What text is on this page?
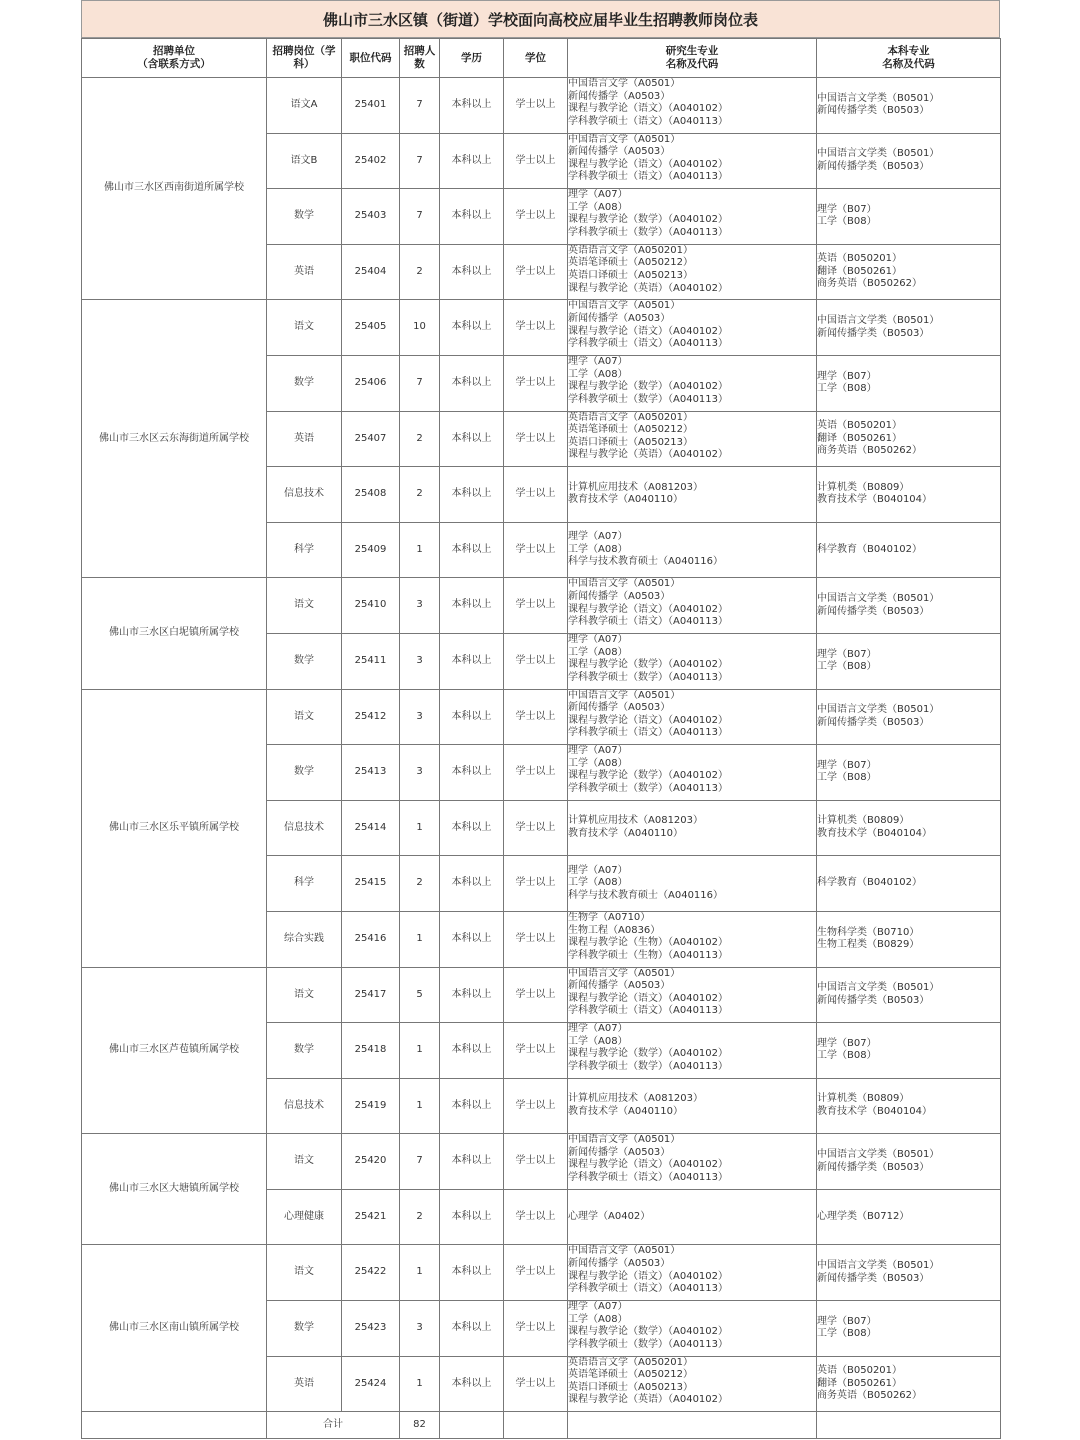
佛山市三水区镇（街道）学校面向高校应届毕业生招聘教师岗位表
招聘单位
（含联系方式）	招聘岗位（学
科）	职位代码	招聘人
数	学历	学位	研究生专业
名称及代码	本科专业
名称及代码

佛山市三水区西南街道所属学校	语文A	25401	7	本科以上	学士以上	中国语言文学（A0501）
新闻传播学（A0503）
课程与教学论（语文）（A040102）
学科教学硕士（语文）（A040113）	中国语言文学类（B0501）
新闻传播学类（B0503）

	语文B	25402	7	本科以上	学士以上	中国语言文学（A0501）
新闻传播学（A0503）
课程与教学论（语文）（A040102）
学科教学硕士（语文）（A040113）	中国语言文学类（B0501）
新闻传播学类（B0503）

	数学	25403	7	本科以上	学士以上	理学（A07）
工学（A08）
课程与教学论（数学）（A040102）
学科教学硕士（数学）（A040113）	理学（B07）
工学（B08）

	英语	25404	2	本科以上	学士以上	英语语言文学（A050201）
英语笔译硕士（A050212）
英语口译硕士（A050213）
课程与教学论（英语）（A040102）	英语（B050201）
翻译（B050261）
商务英语（B050262）

佛山市三水区云东海街道所属学校	语文	25405	10	本科以上	学士以上	中国语言文学（A0501）
新闻传播学（A0503）
课程与教学论（语文）（A040102）
学科教学硕士（语文）（A040113）	中国语言文学类（B0501）
新闻传播学类（B0503）

	数学	25406	7	本科以上	学士以上	理学（A07）
工学（A08）
课程与教学论（数学）（A040102）
学科教学硕士（数学）（A040113）	理学（B07）
工学（B08）

	英语	25407	2	本科以上	学士以上	英语语言文学（A050201）
英语笔译硕士（A050212）
英语口译硕士（A050213）
课程与教学论（英语）（A040102）	英语（B050201）
翻译（B050261）
商务英语（B050262）

	信息技术	25408	2	本科以上	学士以上	计算机应用技术（A081203）
教育技术学（A040110）	计算机类（B0809）
教育技术学（B040104）

	科学	25409	1	本科以上	学士以上	理学（A07）
工学（A08）
科学与技术教育硕士（A040116）	科学教育（B040102）

佛山市三水区白坭镇所属学校	语文	25410	3	本科以上	学士以上	中国语言文学（A0501）
新闻传播学（A0503）
课程与教学论（语文）（A040102）
学科教学硕士（语文）（A040113）	中国语言文学类（B0501）
新闻传播学类（B0503）

	数学	25411	3	本科以上	学士以上	理学（A07）
工学（A08）
课程与教学论（数学）（A040102）
学科教学硕士（数学）（A040113）	理学（B07）
工学（B08）

佛山市三水区乐平镇所属学校	语文	25412	3	本科以上	学士以上	中国语言文学（A0501）
新闻传播学（A0503）
课程与教学论（语文）（A040102）
学科教学硕士（语文）（A040113）	中国语言文学类（B0501）
新闻传播学类（B0503）

	数学	25413	3	本科以上	学士以上	理学（A07）
工学（A08）
课程与教学论（数学）（A040102）
学科教学硕士（数学）（A040113）	理学（B07）
工学（B08）

	信息技术	25414	1	本科以上	学士以上	计算机应用技术（A081203）
教育技术学（A040110）	计算机类（B0809）
教育技术学（B040104）

	科学	25415	2	本科以上	学士以上	理学（A07）
工学（A08）
科学与技术教育硕士（A040116）	科学教育（B040102）

	综合实践	25416	1	本科以上	学士以上	生物学（A0710）
生物工程（A0836）
课程与教学论（生物）（A040102）
学科教学硕士（生物）（A040113）	生物科学类（B0710）
生物工程类（B0829）

佛山市三水区芦苞镇所属学校	语文	25417	5	本科以上	学士以上	中国语言文学（A0501）
新闻传播学（A0503）
课程与教学论（语文）（A040102）
学科教学硕士（语文）（A040113）	中国语言文学类（B0501）
新闻传播学类（B0503）

	数学	25418	1	本科以上	学士以上	理学（A07）
工学（A08）
课程与教学论（数学）（A040102）
学科教学硕士（数学）（A040113）	理学（B07）
工学（B08）

	信息技术	25419	1	本科以上	学士以上	计算机应用技术（A081203）
教育技术学（A040110）	计算机类（B0809）
教育技术学（B040104）

佛山市三水区大塘镇所属学校	语文	25420	7	本科以上	学士以上	中国语言文学（A0501）
新闻传播学（A0503）
课程与教学论（语文）（A040102）
学科教学硕士（语文）（A040113）	中国语言文学类（B0501）
新闻传播学类（B0503）

	心理健康	25421	2	本科以上	学士以上	心理学（A0402）	心理学类（B0712）

佛山市三水区南山镇所属学校	语文	25422	1	本科以上	学士以上	中国语言文学（A0501）
新闻传播学（A0503）
课程与教学论（语文）（A040102）
学科教学硕士（语文）（A040113）	中国语言文学类（B0501）
新闻传播学类（B0503）

	数学	25423	3	本科以上	学士以上	理学（A07）
工学（A08）
课程与教学论（数学）（A040102）
学科教学硕士（数学）（A040113）	理学（B07）
工学（B08）

	英语	25424	1	本科以上	学士以上	英语语言文学（A050201）
英语笔译硕士（A050212）
英语口译硕士（A050213）
课程与教学论（英语）（A040102）	英语（B050201）
翻译（B050261）
商务英语（B050262）

	合计		82				
